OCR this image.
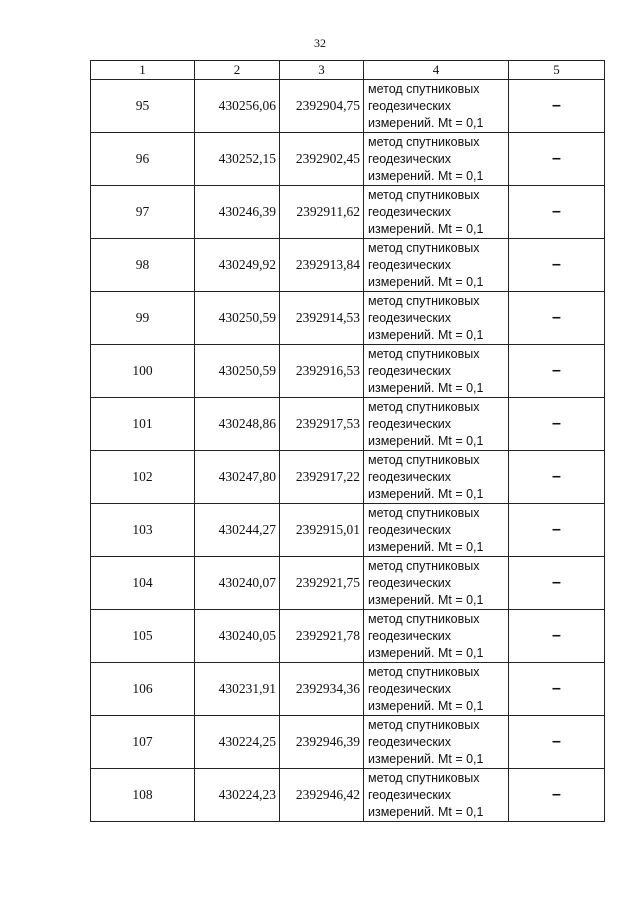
32
1	2	3	4	5
95	430256,06	2392904,75	метод спутниковых
геодезических
измерений. Mt = 0,1	–
96	430252,15	2392902,45	метод спутниковых
геодезических
измерений. Mt = 0,1	–
97	430246,39	2392911,62	метод спутниковых
геодезических
измерений. Mt = 0,1	–
98	430249,92	2392913,84	метод спутниковых
геодезических
измерений. Mt = 0,1	–
99	430250,59	2392914,53	метод спутниковых
геодезических
измерений. Mt = 0,1	–
100	430250,59	2392916,53	метод спутниковых
геодезических
измерений. Mt = 0,1	–
101	430248,86	2392917,53	метод спутниковых
геодезических
измерений. Mt = 0,1	–
102	430247,80	2392917,22	метод спутниковых
геодезических
измерений. Mt = 0,1	–
103	430244,27	2392915,01	метод спутниковых
геодезических
измерений. Mt = 0,1	–
104	430240,07	2392921,75	метод спутниковых
геодезических
измерений. Mt = 0,1	–
105	430240,05	2392921,78	метод спутниковых
геодезических
измерений. Mt = 0,1	–
106	430231,91	2392934,36	метод спутниковых
геодезических
измерений. Mt = 0,1	–
107	430224,25	2392946,39	метод спутниковых
геодезических
измерений. Mt = 0,1	–
108	430224,23	2392946,42	метод спутниковых
геодезических
измерений. Mt = 0,1	–
